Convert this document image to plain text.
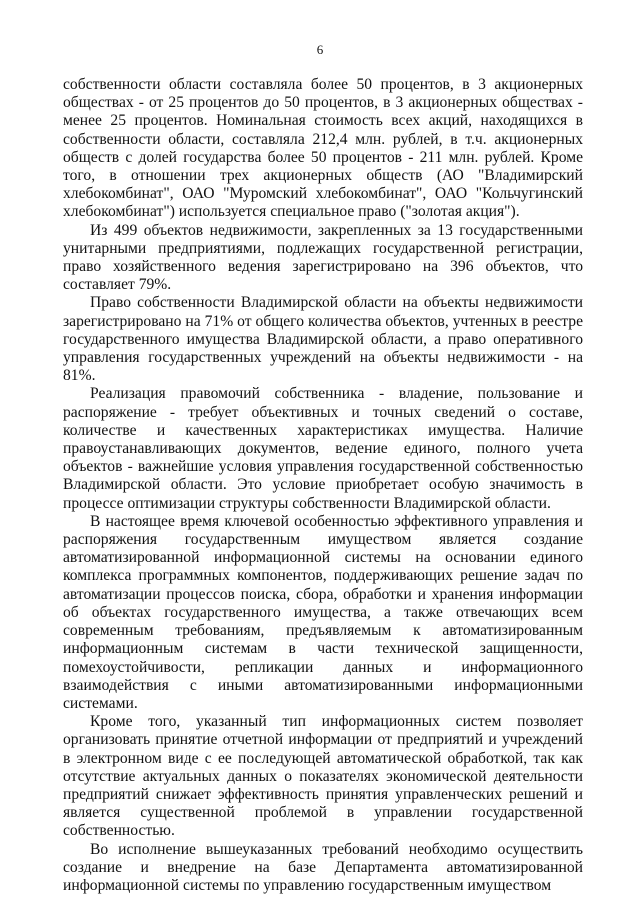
6

собственности области составляла более 50 процентов, в 3 акционерных обществах - от 25 процентов до 50 процентов, в 3 акционерных обществах - менее 25 процентов. Номинальная стоимость всех акций, находящихся в собственности области, составляла 212,4 млн. рублей, в т.ч. акционерных обществ с долей государства более 50 процентов - 211 млн. рублей. Кроме того, в отношении трех акционерных обществ (АО "Владимирский хлебокомбинат", ОАО "Муромский хлебокомбинат", ОАО "Кольчугинский хлебокомбинат") используется специальное право ("золотая акция").

Из 499 объектов недвижимости, закрепленных за 13 государственными унитарными предприятиями, подлежащих государственной регистрации, право хозяйственного ведения зарегистрировано на 396 объектов, что составляет 79%.

Право собственности Владимирской области на объекты недвижимости зарегистрировано на 71% от общего количества объектов, учтенных в реестре государственного имущества Владимирской области, а право оперативного управления государственных учреждений на объекты недвижимости - на 81%.

Реализация правомочий собственника - владение, пользование и распоряжение - требует объективных и точных сведений о составе, количестве и качественных характеристиках имущества. Наличие правоустанавливающих документов, ведение единого, полного учета объектов - важнейшие условия управления государственной собственностью Владимирской области. Это условие приобретает особую значимость в процессе оптимизации структуры собственности Владимирской области.

В настоящее время ключевой особенностью эффективного управления и распоряжения государственным имуществом является создание автоматизированной информационной системы на основании единого комплекса программных компонентов, поддерживающих решение задач по автоматизации процессов поиска, сбора, обработки и хранения информации об объектах государственного имущества, а также отвечающих всем современным требованиям, предъявляемым к автоматизированным информационным системам в части технической защищенности, помехоустойчивости, репликации данных и информационного взаимодействия с иными автоматизированными информационными системами.

Кроме того, указанный тип информационных систем позволяет организовать принятие отчетной информации от предприятий и учреждений в электронном виде с ее последующей автоматической обработкой, так как отсутствие актуальных данных о показателях экономической деятельности предприятий снижает эффективность принятия управленческих решений и является существенной проблемой в управлении государственной собственностью.

Во исполнение вышеуказанных требований необходимо осуществить создание и внедрение на базе Департамента автоматизированной информационной системы по управлению государственным имуществом
